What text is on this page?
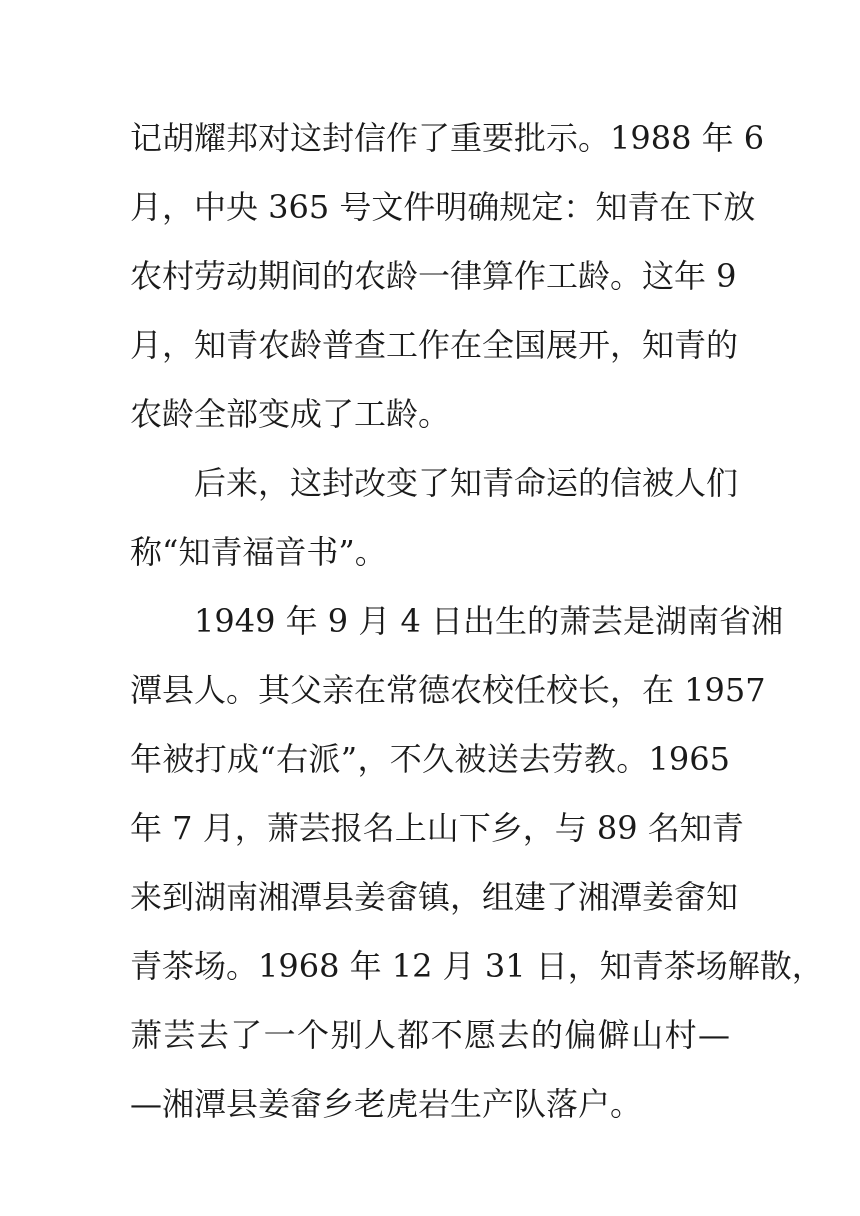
记胡耀邦对这封信作了重要批示。1988 年 6
月，中央 365 号文件明确规定：知青在下放
农村劳动期间的农龄一律算作工龄。这年 9
月，知青农龄普查工作在全国展开，知青的
农龄全部变成了工龄。
后来，这封改变了知青命运的信被人们
称“知青福音书”。
1949 年 9 月 4 日出生的萧芸是湖南省湘
潭县人。其父亲在常德农校任校长，在 1957
年被打成“右派”，不久被送去劳教。1965
年 7 月，萧芸报名上山下乡，与 89 名知青
来到湖南湘潭县姜畲镇，组建了湘潭姜畲知
青茶场。1968 年 12 月 31 日，知青茶场解散，
萧芸去了一个别人都不愿去的偏僻山村—
—湘潭县姜畲乡老虎岩生产队落户。
